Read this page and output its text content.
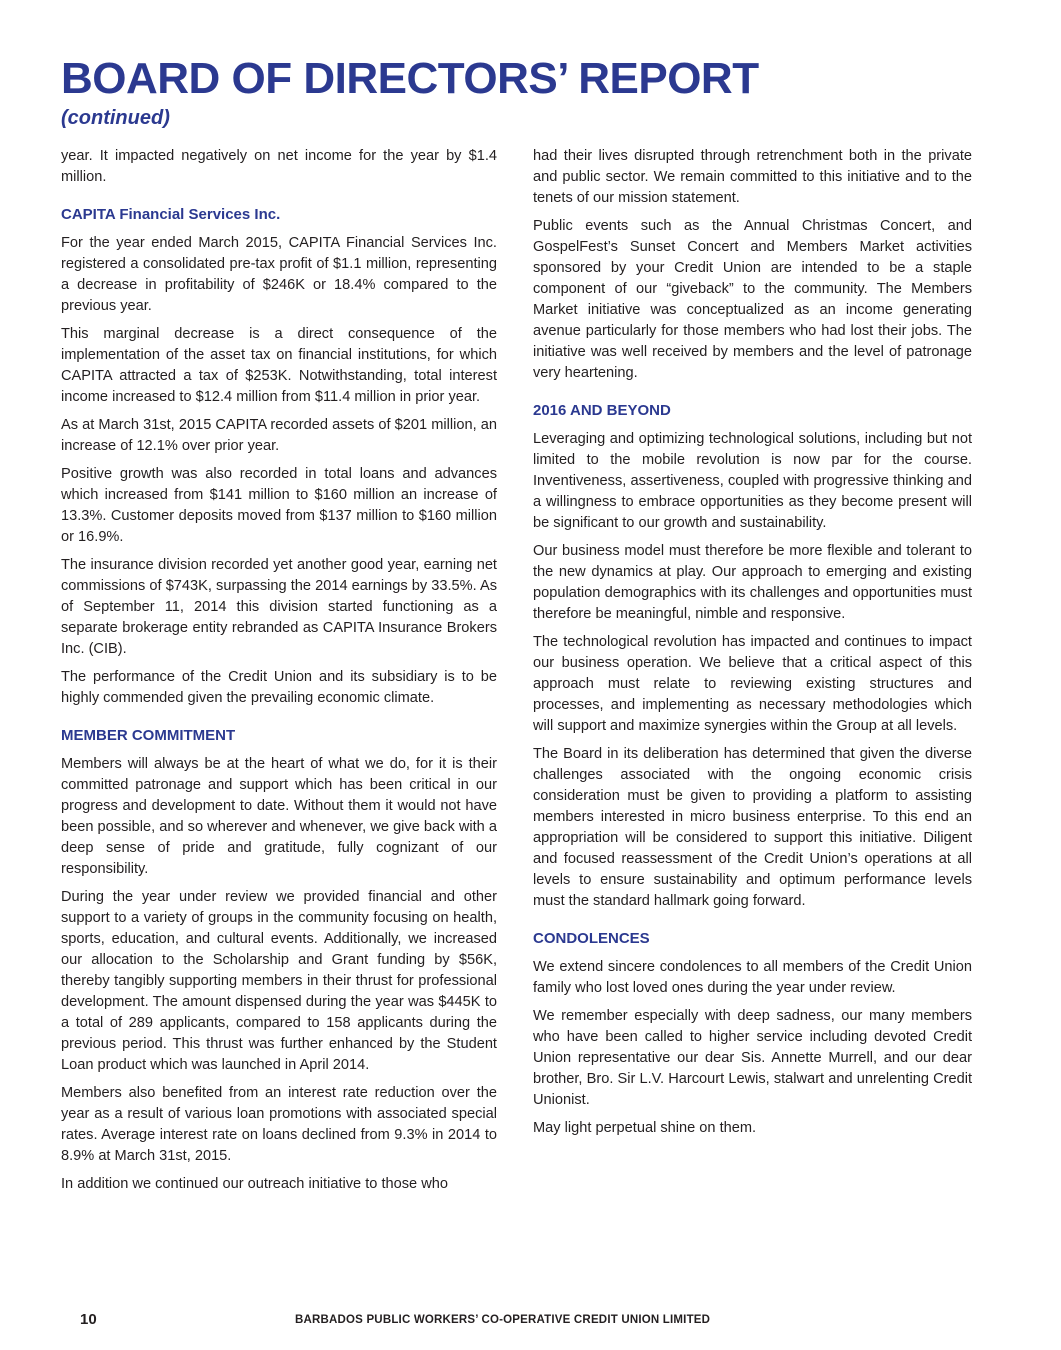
BOARD OF DIRECTORS’ REPORT
(continued)

year. It impacted negatively on net income for the year by $1.4 million.

CAPITA Financial Services Inc.

For the year ended March 2015, CAPITA Financial Services Inc. registered a consolidated pre-tax profit of $1.1 million, representing a decrease in profitability of $246K or 18.4% compared to the previous year.

This marginal decrease is a direct consequence of the implementation of the asset tax on financial institutions, for which CAPITA attracted a tax of $253K. Notwithstanding, total interest income increased to $12.4 million from $11.4 million in prior year.

As at March 31st, 2015 CAPITA recorded assets of $201 million, an increase of 12.1% over prior year.

Positive growth was also recorded in total loans and advances which increased from $141 million to $160 million an increase of 13.3%. Customer deposits moved from $137 million to $160 million or 16.9%.

The insurance division recorded yet another good year, earning net commissions of $743K, surpassing the 2014 earnings by 33.5%. As of September 11, 2014 this division started functioning as a separate brokerage entity rebranded as CAPITA Insurance Brokers Inc. (CIB).

The performance of the Credit Union and its subsidiary is to be highly commended given the prevailing economic climate.

MEMBER COMMITMENT

Members will always be at the heart of what we do, for it is their committed patronage and support which has been critical in our progress and development to date. Without them it would not have been possible, and so wherever and whenever, we give back with a deep sense of pride and gratitude, fully cognizant of our responsibility.

During the year under review we provided financial and other support to a variety of groups in the community focusing on health, sports, education, and cultural events. Additionally, we increased our allocation to the Scholarship and Grant funding by $56K, thereby tangibly supporting members in their thrust for professional development. The amount dispensed during the year was $445K to a total of 289 applicants, compared to 158 applicants during the previous period. This thrust was further enhanced by the Student Loan product which was launched in April 2014.

Members also benefited from an interest rate reduction over the year as a result of various loan promotions with associated special rates. Average interest rate on loans declined from 9.3% in 2014 to 8.9% at March 31st, 2015.

In addition we continued our outreach initiative to those who

had their lives disrupted through retrenchment both in the private and public sector. We remain committed to this initiative and to the tenets of our mission statement.

Public events such as the Annual Christmas Concert, and GospelFest’s Sunset Concert and Members Market activities sponsored by your Credit Union are intended to be a staple component of our “giveback” to the community. The Members Market initiative was conceptualized as an income generating avenue particularly for those members who had lost their jobs. The initiative was well received by members and the level of patronage very heartening.

2016 AND BEYOND

Leveraging and optimizing technological solutions, including but not limited to the mobile revolution is now par for the course. Inventiveness, assertiveness, coupled with progressive thinking and a willingness to embrace opportunities as they become present will be significant to our growth and sustainability.

Our business model must therefore be more flexible and tolerant to the new dynamics at play. Our approach to emerging and existing population demographics with its challenges and opportunities must therefore be meaningful, nimble and responsive.

The technological revolution has impacted and continues to impact our business operation. We believe that a critical aspect of this approach must relate to reviewing existing structures and processes, and implementing as necessary methodologies which will support and maximize synergies within the Group at all levels.

The Board in its deliberation has determined that given the diverse challenges associated with the ongoing economic crisis consideration must be given to providing a platform to assisting members interested in micro business enterprise. To this end an appropriation will be considered to support this initiative. Diligent and focused reassessment of the Credit Union’s operations at all levels to ensure sustainability and optimum performance levels must the standard hallmark going forward.

CONDOLENCES

We extend sincere condolences to all members of the Credit Union family who lost loved ones during the year under review.

We remember especially with deep sadness, our many members who have been called to higher service including devoted Credit Union representative our dear Sis. Annette Murrell, and our dear brother, Bro. Sir L.V. Harcourt Lewis, stalwart and unrelenting Credit Unionist.

May light perpetual shine on them.

10	BARBADOS PUBLIC WORKERS’ CO-OPERATIVE CREDIT UNION LIMITED
